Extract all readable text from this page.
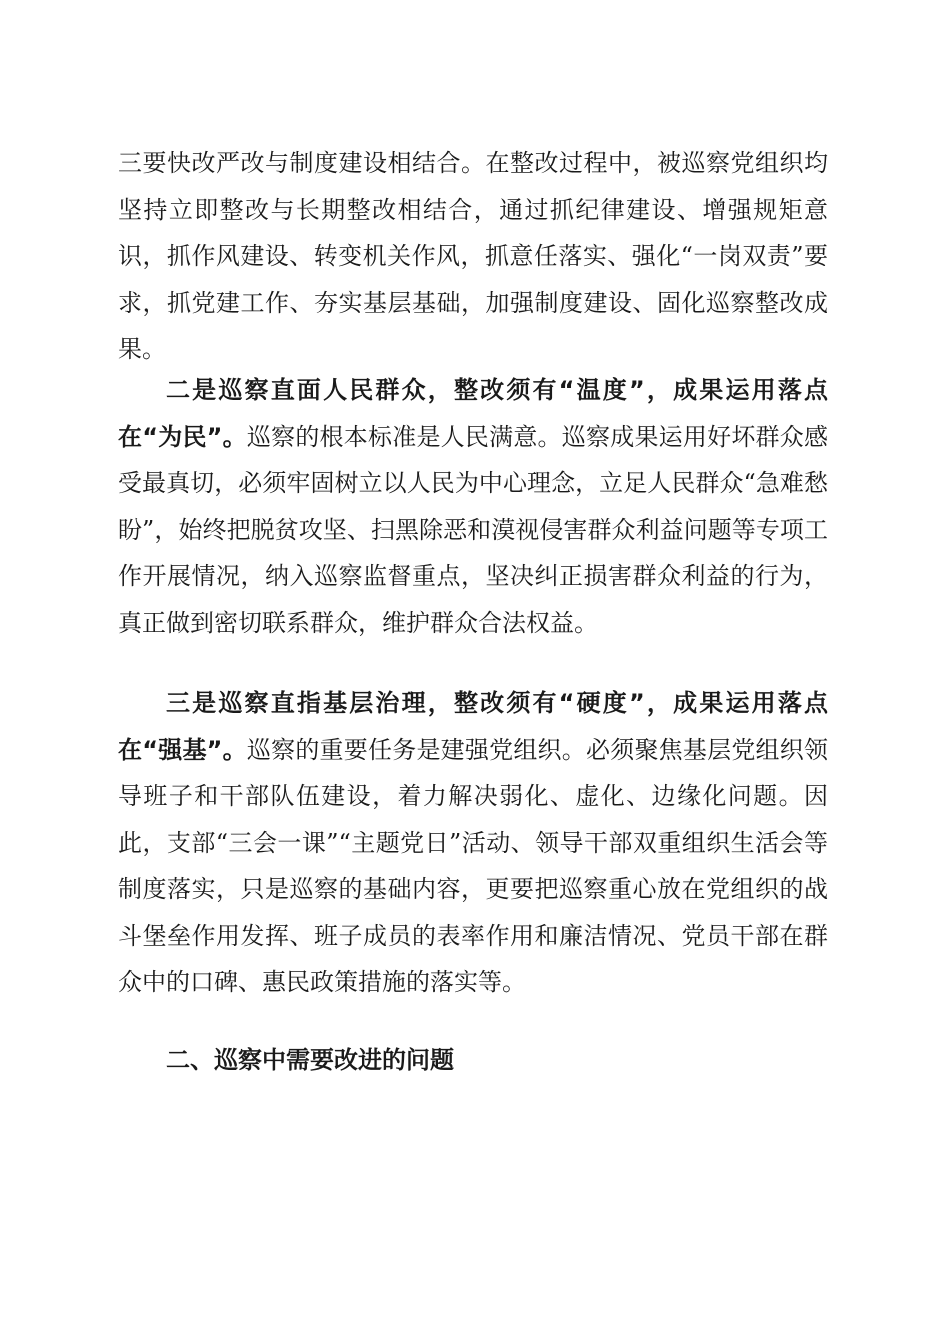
三要快改严改与制度建设相结合。在整改过程中，被巡察党组织均坚持立即整改与长期整改相结合，通过抓纪律建设、增强规矩意识，抓作风建设、转变机关作风，抓意任落实、强化“一岗双责”要求，抓党建工作、夯实基层基础，加强制度建设、固化巡察整改成果。
二是巡察直面人民群众，整改须有“温度”，成果运用落点在“为民”。巡察的根本标准是人民满意。巡察成果运用好坏群众感受最真切，必须牢固树立以人民为中心理念，立足人民群众“急难愁盼”，始终把脱贫攻坚、扫黑除恶和漠视侵害群众利益问题等专项工作开展情况，纳入巡察监督重点，坚决纠正损害群众利益的行为，真正做到密切联系群众，维护群众合法权益。
三是巡察直指基层治理，整改须有“硬度”，成果运用落点在“强基”。巡察的重要任务是建强党组织。必须聚焦基层党组织领导班子和干部队伍建设，着力解决弱化、虚化、边缘化问题。因此，支部“三会一课”“主题党日”活动、领导干部双重组织生活会等制度落实，只是巡察的基础内容，更要把巡察重心放在党组织的战斗堡垒作用发挥、班子成员的表率作用和廉洁情况、党员干部在群众中的口碑、惠民政策措施的落实等。
二、巡察中需要改进的问题
